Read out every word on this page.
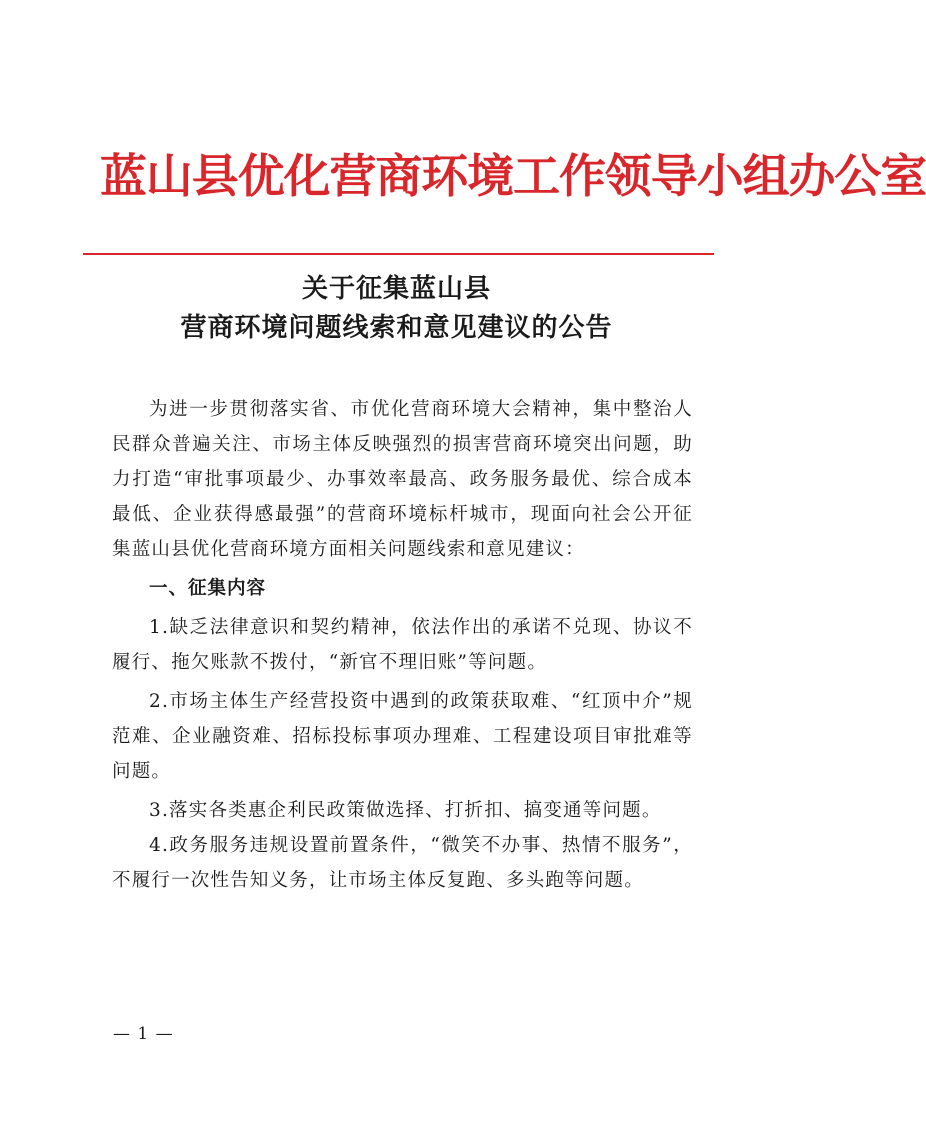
蓝山县优化营商环境工作领导小组办公室
关于征集蓝山县
营商环境问题线索和意见建议的公告

为进一步贯彻落实省、市优化营商环境大会精神，集中整治人民群众普遍关注、市场主体反映强烈的损害营商环境突出问题，助力打造“审批事项最少、办事效率最高、政务服务最优、综合成本最低、企业获得感最强”的营商环境标杆城市，现面向社会公开征集蓝山县优化营商环境方面相关问题线索和意见建议：

一、征集内容

1.缺乏法律意识和契约精神，依法作出的承诺不兑现、协议不履行、拖欠账款不拨付，“新官不理旧账”等问题。

2.市场主体生产经营投资中遇到的政策获取难、“红顶中介”规范难、企业融资难、招标投标事项办理难、工程建设项目审批难等问题。

3.落实各类惠企利民政策做选择、打折扣、搞变通等问题。

4.政务服务违规设置前置条件，“微笑不办事、热情不服务”，不履行一次性告知义务，让市场主体反复跑、多头跑等问题。

— 1 —
